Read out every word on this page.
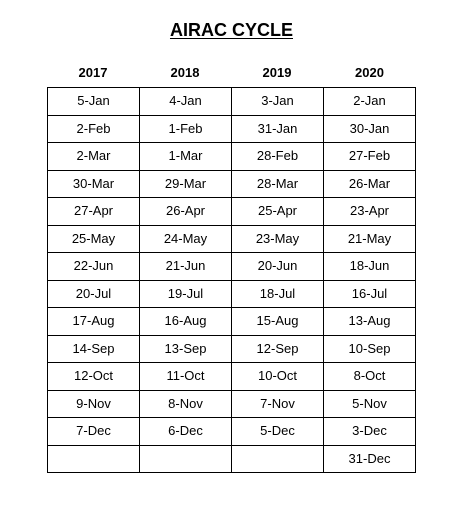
AIRAC CYCLE
2017	2018	2019	2020
5-Jan	4-Jan	3-Jan	2-Jan
2-Feb	1-Feb	31-Jan	30-Jan
2-Mar	1-Mar	28-Feb	27-Feb
30-Mar	29-Mar	28-Mar	26-Mar
27-Apr	26-Apr	25-Apr	23-Apr
25-May	24-May	23-May	21-May
22-Jun	21-Jun	20-Jun	18-Jun
20-Jul	19-Jul	18-Jul	16-Jul
17-Aug	16-Aug	15-Aug	13-Aug
14-Sep	13-Sep	12-Sep	10-Sep
12-Oct	11-Oct	10-Oct	8-Oct
9-Nov	8-Nov	7-Nov	5-Nov
7-Dec	6-Dec	5-Dec	3-Dec
			31-Dec
